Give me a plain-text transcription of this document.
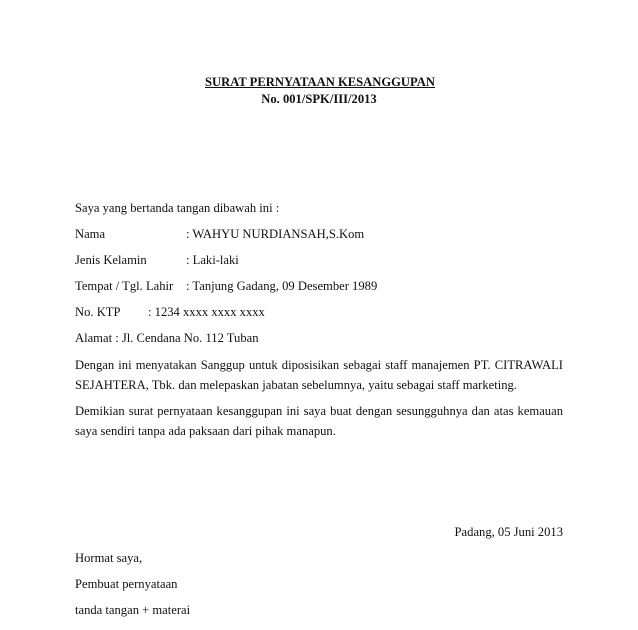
SURAT PERNYATAAN KESANGGUPAN
No. 001/SPK/III/2013
Saya yang bertanda tangan dibawah ini :
Nama	: WAHYU NURDIANSAH,S.Kom
Jenis Kelamin	: Laki-laki
Tempat / Tgl. Lahir : Tanjung Gadang, 09 Desember 1989
No. KTP : 1234 xxxx xxxx xxxx
Alamat : Jl. Cendana No. 112 Tuban
Dengan ini menyatakan Sanggup untuk diposisikan sebagai staff manajemen PT. CITRAWALI SEJAHTERA, Tbk. dan melepaskan jabatan sebelumnya, yaitu sebagai staff marketing.
Demikian surat pernyataan kesanggupan ini saya buat dengan sesungguhnya dan atas kemauan saya sendiri tanpa ada paksaan dari pihak manapun.
Padang, 05 Juni 2013
Hormat saya,
Pembuat pernyataan
tanda tangan + materai
